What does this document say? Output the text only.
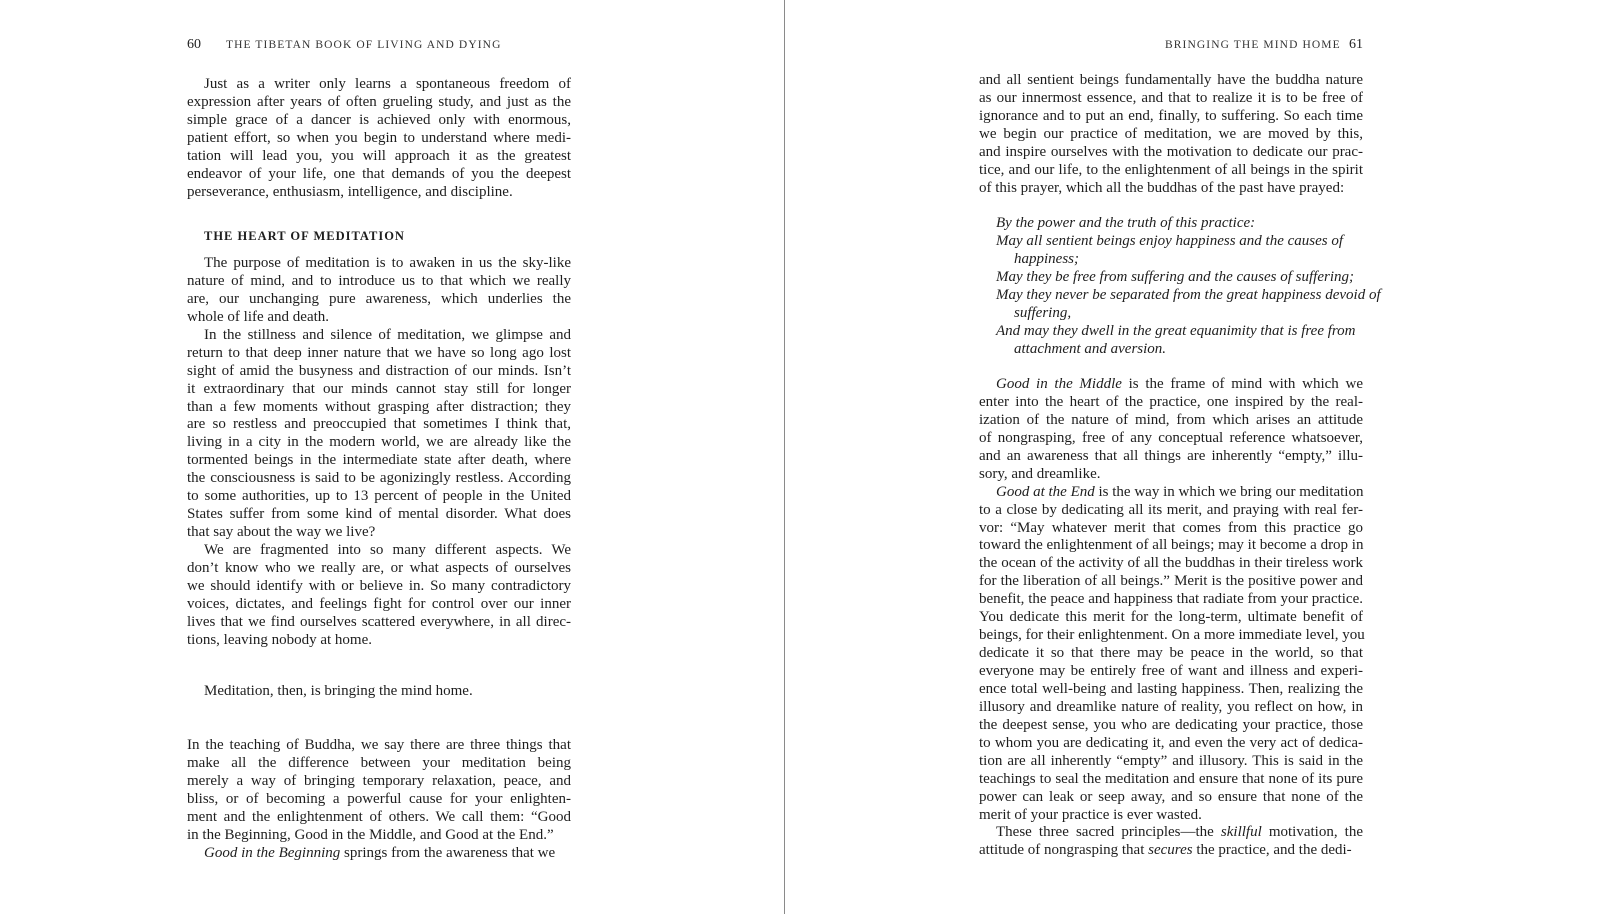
60 THE TIBETAN BOOK OF LIVING AND DYING
Just as a writer only learns a spontaneous freedom of
expression after years of often grueling study, and just as the
simple grace of a dancer is achieved only with enormous,
patient effort, so when you begin to understand where medi-
tation will lead you, you will approach it as the greatest
endeavor of your life, one that demands of you the deepest
perseverance, enthusiasm, intelligence, and discipline.
THE HEART OF MEDITATION
The purpose of meditation is to awaken in us the sky-like
nature of mind, and to introduce us to that which we really
are, our unchanging pure awareness, which underlies the
whole of life and death.
In the stillness and silence of meditation, we glimpse and
return to that deep inner nature that we have so long ago lost
sight of amid the busyness and distraction of our minds. Isn’t
it extraordinary that our minds cannot stay still for longer
than a few moments without grasping after distraction; they
are so restless and preoccupied that sometimes I think that,
living in a city in the modern world, we are already like the
tormented beings in the intermediate state after death, where
the consciousness is said to be agonizingly restless. According
to some authorities, up to 13 percent of people in the United
States suffer from some kind of mental disorder. What does
that say about the way we live?
We are fragmented into so many different aspects. We
don’t know who we really are, or what aspects of ourselves
we should identify with or believe in. So many contradictory
voices, dictates, and feelings fight for control over our inner
lives that we find ourselves scattered everywhere, in all direc-
tions, leaving nobody at home.
Meditation, then, is bringing the mind home.
In the teaching of Buddha, we say there are three things that
make all the difference between your meditation being
merely a way of bringing temporary relaxation, peace, and
bliss, or of becoming a powerful cause for your enlighten-
ment and the enlightenment of others. We call them: “Good
in the Beginning, Good in the Middle, and Good at the End.”
Good in the Beginning springs from the awareness that we
BRINGING THE MIND HOME 61
and all sentient beings fundamentally have the buddha nature
as our innermost essence, and that to realize it is to be free of
ignorance and to put an end, finally, to suffering. So each time
we begin our practice of meditation, we are moved by this,
and inspire ourselves with the motivation to dedicate our prac-
tice, and our life, to the enlightenment of all beings in the spirit
of this prayer, which all the buddhas of the past have prayed:
By the power and the truth of this practice:
May all sentient beings enjoy happiness and the causes of
happiness;
May they be free from suffering and the causes of suffering;
May they never be separated from the great happiness devoid of
suffering,
And may they dwell in the great equanimity that is free from
attachment and aversion.
Good in the Middle is the frame of mind with which we
enter into the heart of the practice, one inspired by the real-
ization of the nature of mind, from which arises an attitude
of nongrasping, free of any conceptual reference whatsoever,
and an awareness that all things are inherently “empty,” illu-
sory, and dreamlike.
Good at the End is the way in which we bring our meditation
to a close by dedicating all its merit, and praying with real fer-
vor: “May whatever merit that comes from this practice go
toward the enlightenment of all beings; may it become a drop in
the ocean of the activity of all the buddhas in their tireless work
for the liberation of all beings.” Merit is the positive power and
benefit, the peace and happiness that radiate from your practice.
You dedicate this merit for the long-term, ultimate benefit of
beings, for their enlightenment. On a more immediate level, you
dedicate it so that there may be peace in the world, so that
everyone may be entirely free of want and illness and experi-
ence total well-being and lasting happiness. Then, realizing the
illusory and dreamlike nature of reality, you reflect on how, in
the deepest sense, you who are dedicating your practice, those
to whom you are dedicating it, and even the very act of dedica-
tion are all inherently “empty” and illusory. This is said in the
teachings to seal the meditation and ensure that none of its pure
power can leak or seep away, and so ensure that none of the
merit of your practice is ever wasted.
These three sacred principles—the skillful motivation, the
attitude of nongrasping that secures the practice, and the dedi-
